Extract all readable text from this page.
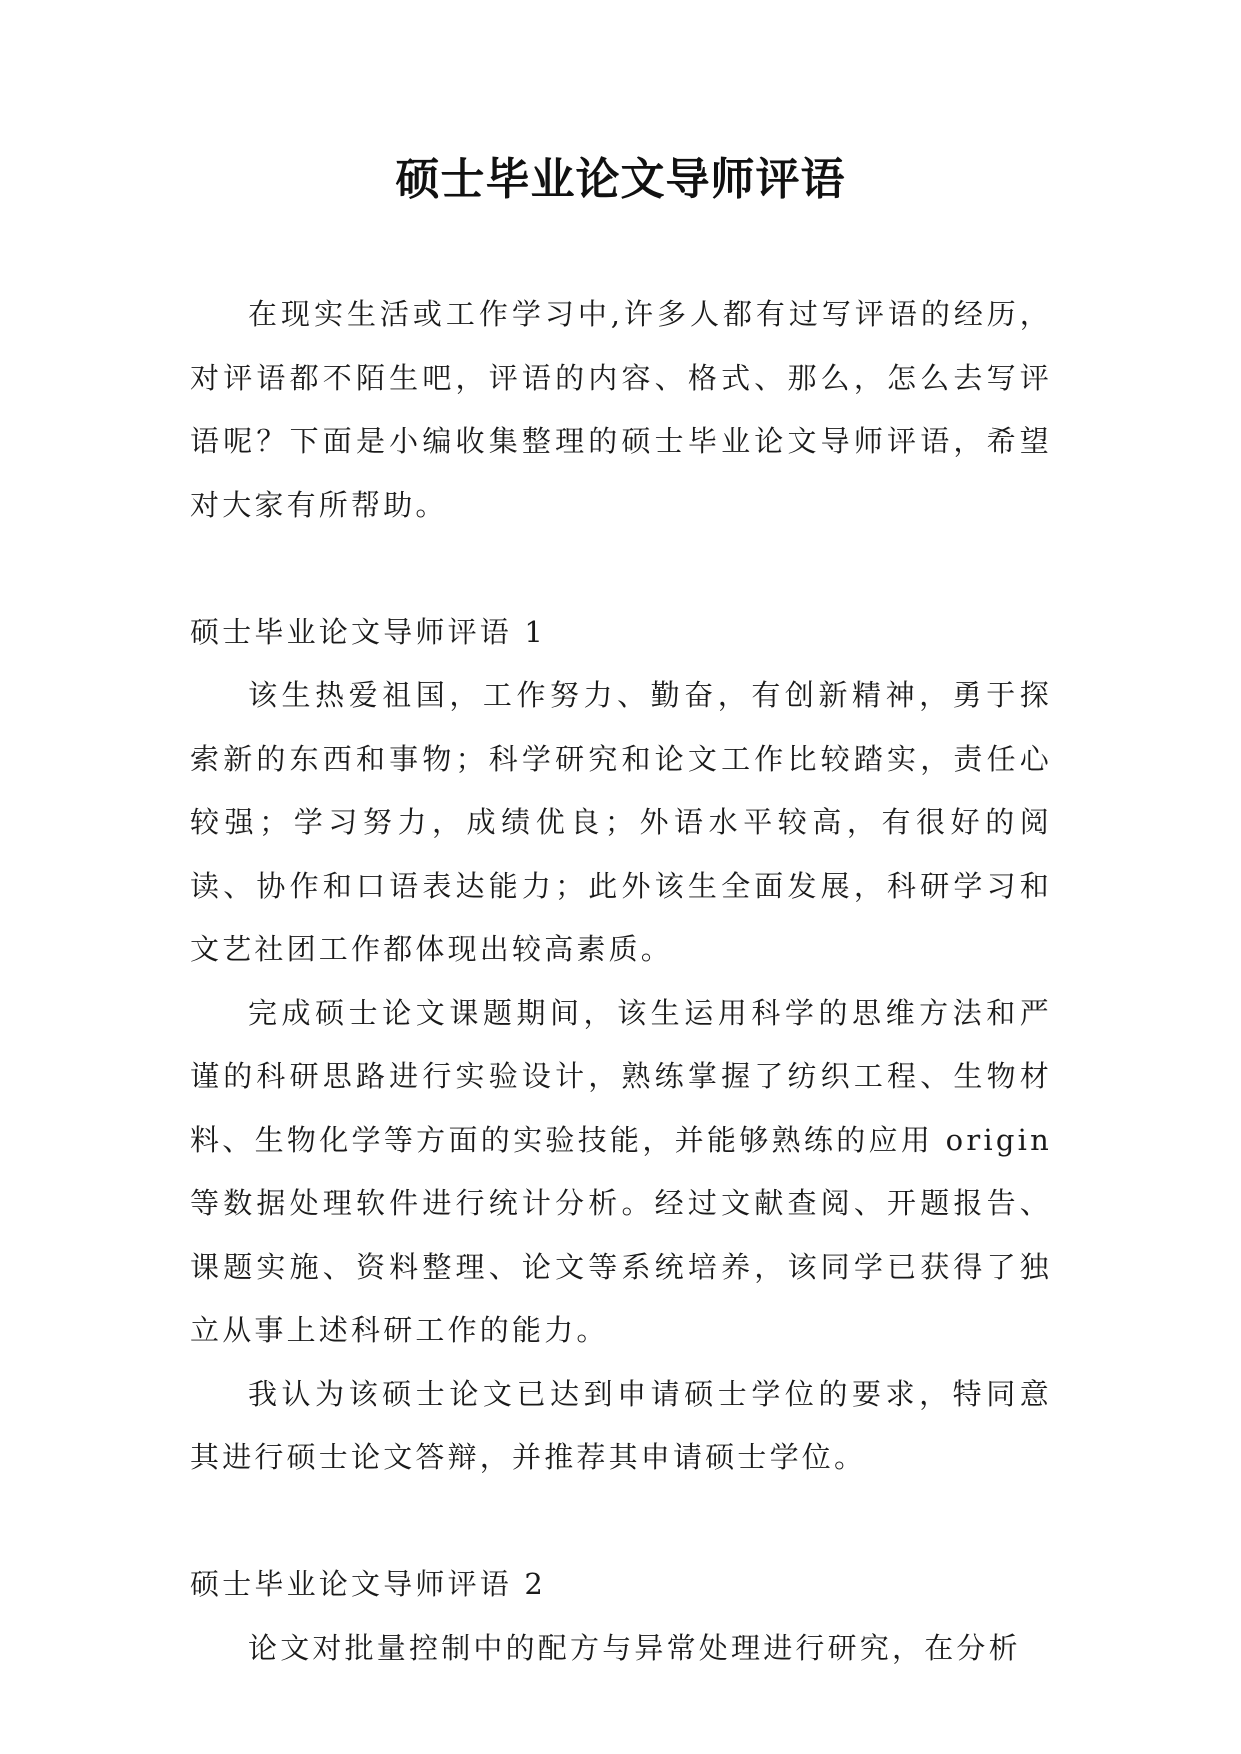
硕士毕业论文导师评语

在现实生活或工作学习中,许多人都有过写评语的经历，对评语都不陌生吧，评语的内容、格式、那么，怎么去写评语呢？下面是小编收集整理的硕士毕业论文导师评语，希望对大家有所帮助。

硕士毕业论文导师评语 1

该生热爱祖国，工作努力、勤奋，有创新精神，勇于探索新的东西和事物；科学研究和论文工作比较踏实，责任心较强；学习努力，成绩优良；外语水平较高，有很好的阅读、协作和口语表达能力；此外该生全面发展，科研学习和文艺社团工作都体现出较高素质。

完成硕士论文课题期间，该生运用科学的思维方法和严谨的科研思路进行实验设计，熟练掌握了纺织工程、生物材料、生物化学等方面的实验技能，并能够熟练的应用 origin 等数据处理软件进行统计分析。经过文献查阅、开题报告、课题实施、资料整理、论文等系统培养，该同学已获得了独立从事上述科研工作的能力。

我认为该硕士论文已达到申请硕士学位的要求，特同意其进行硕士论文答辩，并推荐其申请硕士学位。

硕士毕业论文导师评语 2

论文对批量控制中的配方与异常处理进行研究，在分析
